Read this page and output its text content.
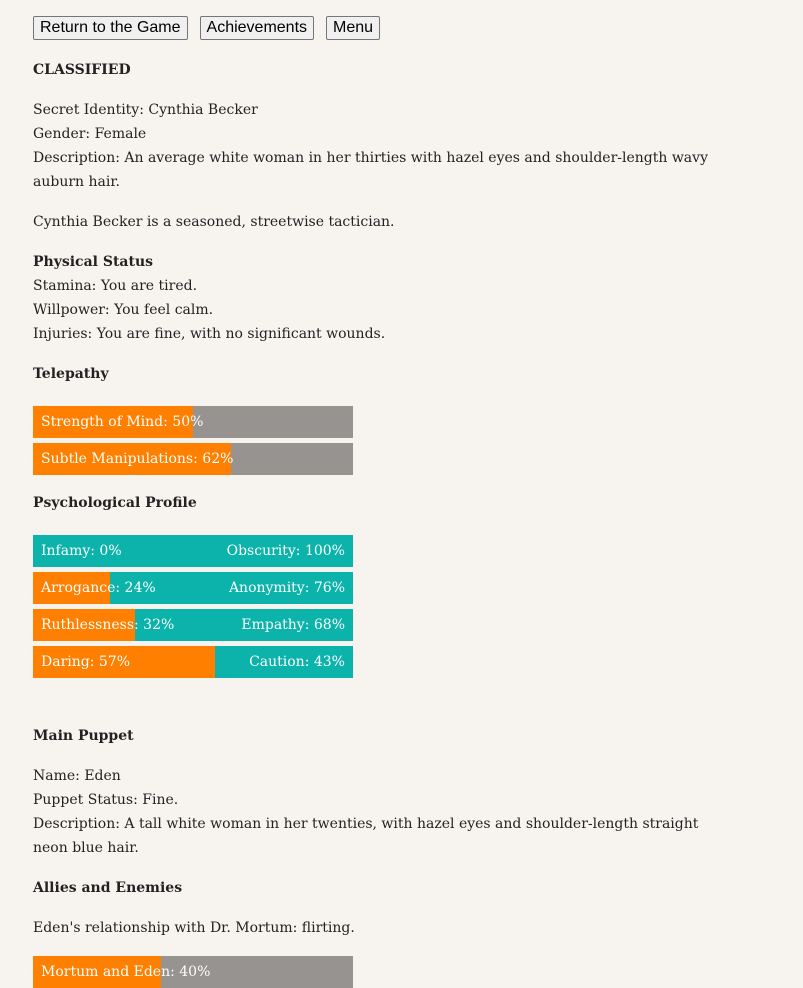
Return to the Game	Achievements	Menu

CLASSIFIED

Secret Identity: Cynthia Becker

Gender: Female

Description: An average white woman in her thirties with hazel eyes and shoulder-length wavy auburn hair.

Cynthia Becker is a seasoned, streetwise tactician.

Physical Status

Stamina: You are tired.

Willpower: You feel calm.

Injuries: You are fine, with no significant wounds.

Telepathy

Strength of Mind: 50%
Subtle Manipulations: 62%

Psychological Profile

Infamy: 0%	Obscurity: 100%
Arrogance: 24%	Anonymity: 76%
Ruthlessness: 32%	Empathy: 68%
Daring: 57%	Caution: 43%

Main Puppet

Name: Eden

Puppet Status: Fine.

Description: A tall white woman in her twenties, with hazel eyes and shoulder-length straight neon blue hair.

Allies and Enemies

Eden's relationship with Dr. Mortum: flirting.

Mortum and Eden: 40%
